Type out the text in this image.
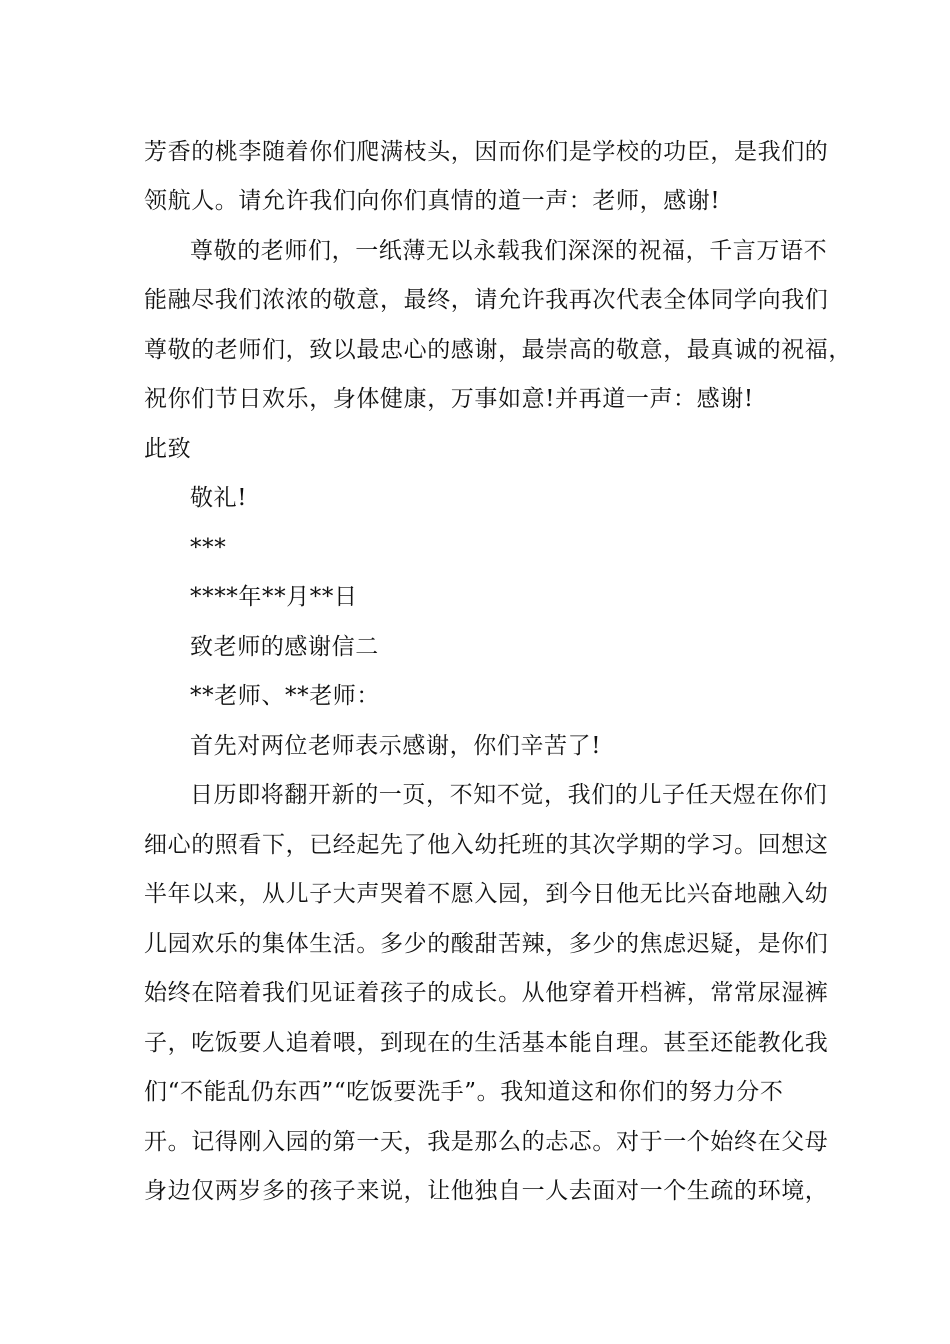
芳香的桃李随着你们爬满枝头，因而你们是学校的功臣，是我们的
领航人。请允许我们向你们真情的道一声：老师，感谢!
尊敬的老师们，一纸薄无以永载我们深深的祝福，千言万语不
能融尽我们浓浓的敬意，最终，请允许我再次代表全体同学向我们
尊敬的老师们，致以最忠心的感谢，最崇高的敬意，最真诚的祝福，
祝你们节日欢乐，身体健康，万事如意!并再道一声：感谢!
此致
敬礼!
***
****年**月**日
致老师的感谢信二
**老师、**老师：
首先对两位老师表示感谢，你们辛苦了!
日历即将翻开新的一页，不知不觉，我们的儿子任天煜在你们
细心的照看下，已经起先了他入幼托班的其次学期的学习。回想这
半年以来，从儿子大声哭着不愿入园，到今日他无比兴奋地融入幼
儿园欢乐的集体生活。多少的酸甜苦辣，多少的焦虑迟疑，是你们
始终在陪着我们见证着孩子的成长。从他穿着开档裤，常常尿湿裤
子，吃饭要人追着喂，到现在的生活基本能自理。甚至还能教化我
们“不能乱仍东西”“吃饭要洗手”。我知道这和你们的努力分不
开。记得刚入园的第一天，我是那么的忐忑。对于一个始终在父母
身边仅两岁多的孩子来说，让他独自一人去面对一个生疏的环境，
